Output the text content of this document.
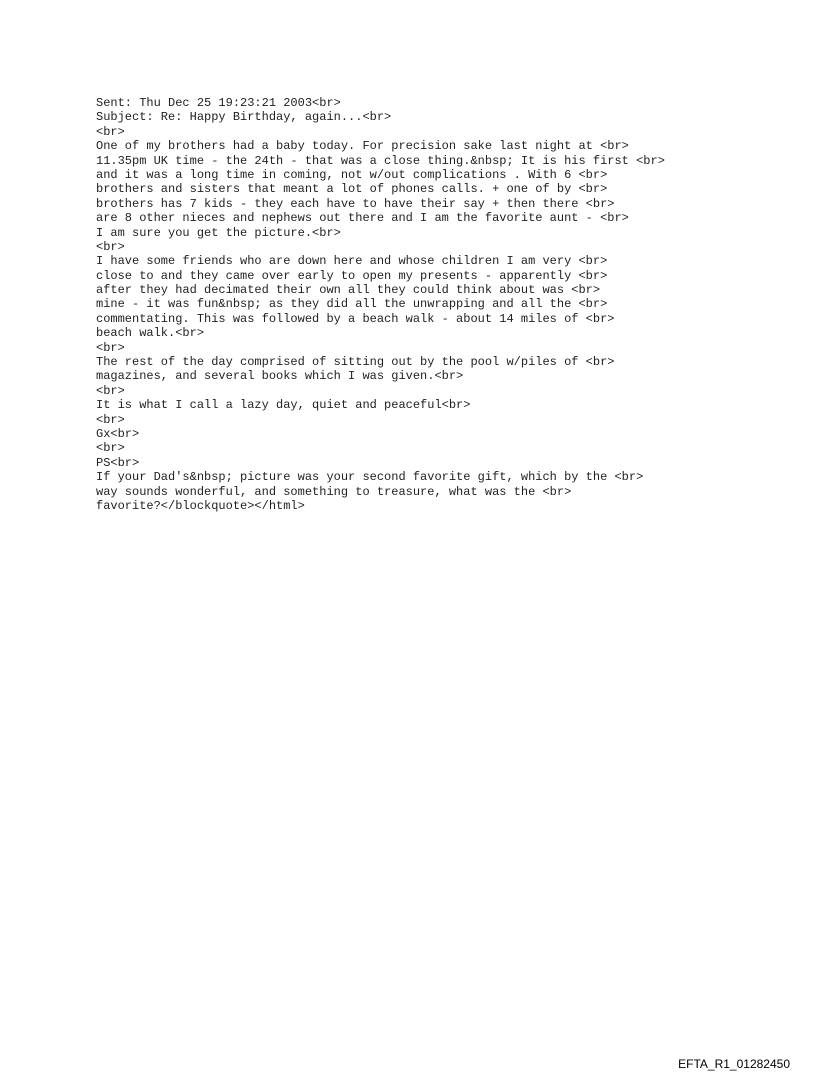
Sent: Thu Dec 25 19:23:21 2003<br>
Subject: Re: Happy Birthday, again...<br>
<br>
One of my brothers had a baby today. For precision sake last night at <br>
11.35pm UK time - the 24th - that was a close thing.&nbsp; It is his first <br>
and it was a long time in coming, not w/out complications . With 6 <br>
brothers and sisters that meant a lot of phones calls. + one of by <br>
brothers has 7 kids - they each have to have their say + then there <br>
are 8 other nieces and nephews out there and I am the favorite aunt - <br>
I am sure you get the picture.<br>
<br>
I have some friends who are down here and whose children I am very <br>
close to and they came over early to open my presents - apparently <br>
after they had decimated their own all they could think about was <br>
mine - it was fun&nbsp; as they did all the unwrapping and all the <br>
commentating. This was followed by a beach walk - about 14 miles of <br>
beach walk.<br>
<br>
The rest of the day comprised of sitting out by the pool w/piles of <br>
magazines, and several books which I was given.<br>
<br>
It is what I call a lazy day, quiet and peaceful<br>
<br>
Gx<br>
<br>
PS<br>
If your Dad's&nbsp; picture was your second favorite gift, which by the <br>
way sounds wonderful, and something to treasure, what was the <br>
favorite?</blockquote></html>
EFTA_R1_01282450
